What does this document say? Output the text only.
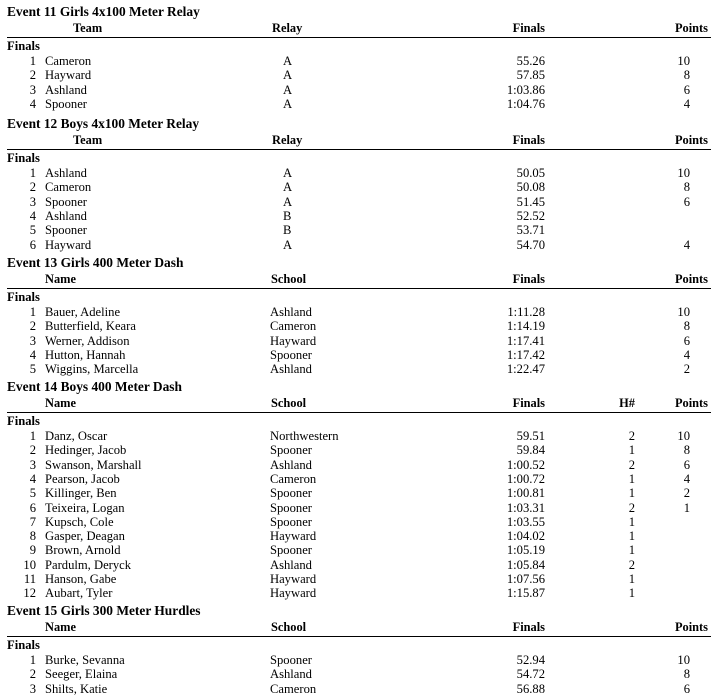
Event 11 Girls 4x100 Meter Relay
Team	Relay	Finals	Points
Finals
1 Cameron	A	55.26	10
2 Hayward	A	57.85	8
3 Ashland	A	1:03.86	6
4 Spooner	A	1:04.76	4
Event 12 Boys 4x100 Meter Relay
Team	Relay	Finals	Points
Finals
1 Ashland	A	50.05	10
2 Cameron	A	50.08	8
3 Spooner	A	51.45	6
4 Ashland	B	52.52
5 Spooner	B	53.71
6 Hayward	A	54.70	4
Event 13 Girls 400 Meter Dash
Name	School	Finals	Points
Finals
1 Bauer, Adeline	Ashland	1:11.28	10
2 Butterfield, Keara	Cameron	1:14.19	8
3 Werner, Addison	Hayward	1:17.41	6
4 Hutton, Hannah	Spooner	1:17.42	4
5 Wiggins, Marcella	Ashland	1:22.47	2
Event 14 Boys 400 Meter Dash
Name	School	Finals	H#	Points
Finals
1 Danz, Oscar	Northwestern	59.51	2	10
2 Hedinger, Jacob	Spooner	59.84	1	8
3 Swanson, Marshall	Ashland	1:00.52	2	6
4 Pearson, Jacob	Cameron	1:00.72	1	4
5 Killinger, Ben	Spooner	1:00.81	1	2
6 Teixeira, Logan	Spooner	1:03.31	2	1
7 Kupsch, Cole	Spooner	1:03.55	1
8 Gasper, Deagan	Hayward	1:04.02	1
9 Brown, Arnold	Spooner	1:05.19	1
10 Pardulm, Deryck	Ashland	1:05.84	2
11 Hanson, Gabe	Hayward	1:07.56	1
12 Aubart, Tyler	Hayward	1:15.87	1
Event 15 Girls 300 Meter Hurdles
Name	School	Finals	Points
Finals
1 Burke, Sevanna	Spooner	52.94	10
2 Seeger, Elaina	Ashland	54.72	8
3 Shilts, Katie	Cameron	56.88	6
